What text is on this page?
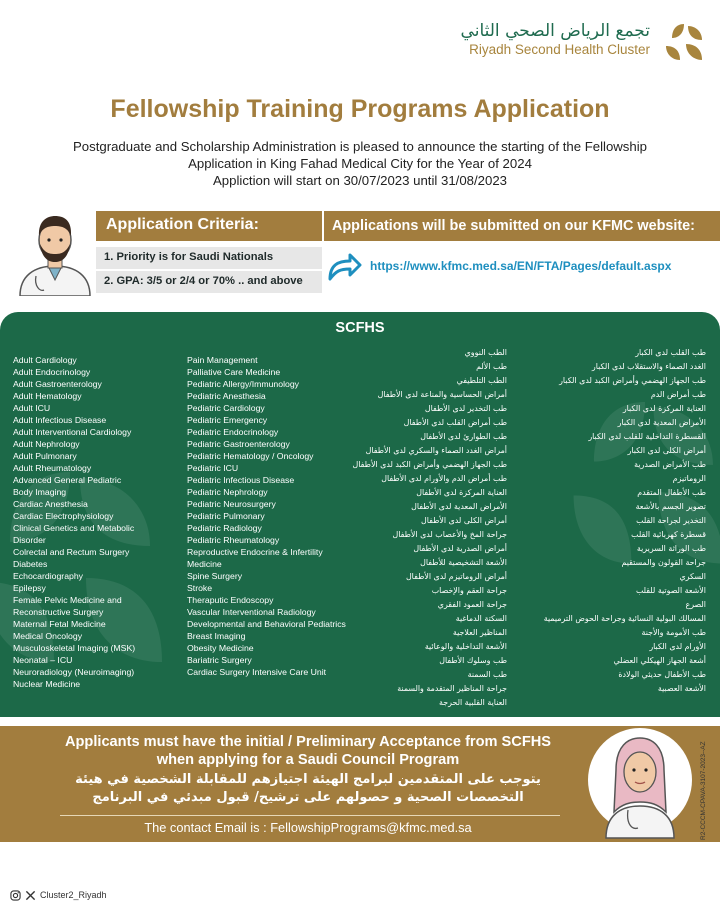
تجمع الرياض الصحي الثاني
Riyadh Second Health Cluster
Fellowship Training Programs Application

Postgraduate and Scholarship Administration is pleased to announce the starting of the Fellowship

Application in King Fahad Medical City for the Year of 2024

Appliction will start on 30/07/2023 until 31/08/2023

Application Criteria:
1. Priority is for Saudi Nationals
2. GPA: 3/5 or 2/4 or 70% .. and above
Applications will be submitted on our KFMC website:
https://www.kfmc.med.sa/EN/FTA/Pages/default.aspx
SCFHS
Adult Cardiology
Adult Endocrinology
Adult Gastroenterology
Adult Hematology
Adult ICU
Adult Infectious Disease
Adult Interventional Cardiology
Adult Nephrology
Adult Pulmonary
Adult Rheumatology
Advanced General Pediatric
Body Imaging
Cardiac Anesthesia
Cardiac Electrophysiology
Clinical Genetics and Metabolic
Disorder
Colrectal and Rectum Surgery
Diabetes
Echocardiography
Epilepsy
Female Pelvic Medicine and
Reconstructive Surgery
Maternal Fetal Medicine
Medical Oncology
Musculoskeletal Imaging (MSK)
Neonatal – ICU
Neuroradiology (Neuroimaging)
Nuclear Medicine
Pain Management
Palliative Care Medicine
Pediatric Allergy/Immunology
Pediatric Anesthesia
Pediatric Cardiology
Pediatric Emergency
Pediatric Endocrinology
Pediatric Gastroenterology
Pediatric Hematology / Oncology
Pediatric ICU
Pediatric Infectious Disease
Pediatric Nephrology
Pediatric Neurosurgery
Pediatric Pulmonary
Pediatric Radiology
Pediatric Rheumatology
Reproductive Endocrine & Infertility
Medicine
Spine Surgery
Stroke
Theraputic Endoscopy
Vascular Interventional Radiology
Developmental and Behavioral Pediatrics
Breast Imaging
Obesity Medicine
Bariatric Surgery
Cardiac Surgery Intensive Care Unit
الطب النووي
طب الألم
الطب التلطيفي
أمراض الحساسية والمناعة لدى الأطفال
طب التخدير لدى الأطفال
طب أمراض القلب لدى الأطفال
طب الطوارئ لدى الأطفال
أمراض الغدد الصماء والسكري لدى الأطفال
طب الجهاز الهضمي وأمراض الكبد لدى الأطفال
طب أمراض الدم والأورام لدى الأطفال
العناية المركزة لدى الأطفال
الأمراض المعدية لدى الأطفال
أمراض الكلى لدى الأطفال
جراحة المخ والأعصاب لدى الأطفال
أمراض الصدرية لدى الأطفال
الأشعة التشخيصية للأطفال
أمراض الروماتيزم لدى الأطفال
جراحة العقم والإخصاب
جراحة العمود الفقري
السكتة الدماغية
المناظير العلاجية
الأشعة التداخلية والوعائية
طب وسلوك الأطفال
طب السمنة
جراحة المناظير المتقدمة والسمنة
العناية القلبية الحرجة
طب القلب لدى الكبار
الغدد الصماء والاستقلاب لدى الكبار
طب الجهاز الهضمي وأمراض الكبد لدى الكبار
طب أمراض الدم
العناية المركزة لدى الكبار
الأمراض المعدية لدى الكبار
القسطرة التداخلية للقلب لدى الكبار
أمراض الكلى لدى الكبار
طب الأمراض الصدرية
الروماتيزم
طب الأطفال المتقدم
تصوير الجسم بالأشعة
التخدير لجراحة القلب
قسطرة كهربائية القلب
طب الوراثة السريرية
جراحة القولون والمستقيم
السكري
الأشعة الصوتية للقلب
الصرع
المسالك البولية النسائية وجراحة الحوض الترميمية
طب الأمومة والأجنة
الأورام لدى الكبار
أشعة الجهاز الهيكلي العضلي
طب الأطفال حديثي الولادة
الأشعة العصبية
Applicants must have the initial / Preliminary Acceptance from SCFHS
when applying for a Saudi Council Program
يتوجب على المتقدمين لبرامج الهيئة اجتيازهم للمقابلة الشخصية في هيئة
التخصصات الصحية و حصولهم على ترشيح/ قبول مبدئي في البرنامج
The contact Email is : FellowshipPrograms@kfmc.med.sa	R2-CCCM-CPAVA-3107-2023--AZ
Cluster2_Riyadh
